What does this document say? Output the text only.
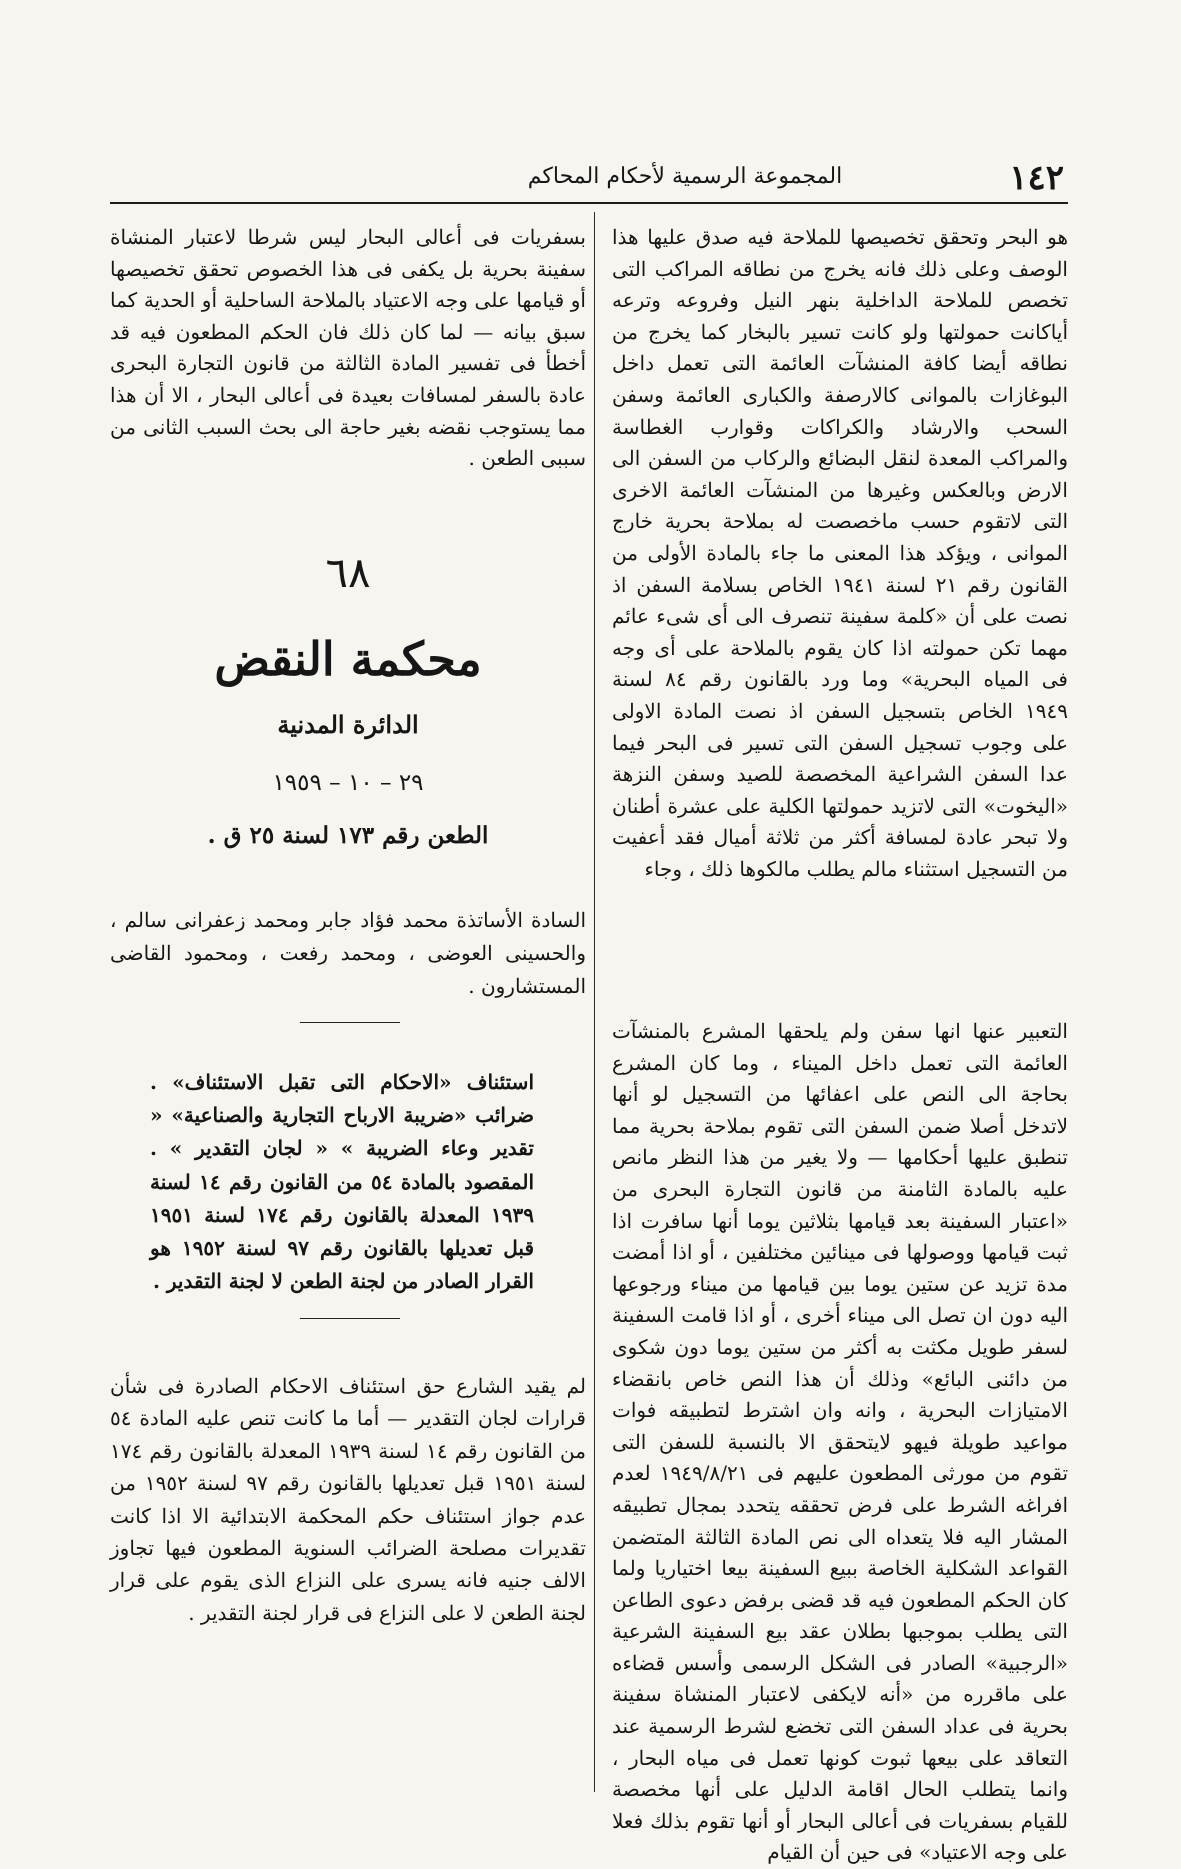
١٤٢
المجموعة الرسمية لأحكام المحاكم
هو البحر وتحقق تخصيصها للملاحة فيه صدق عليها هذا الوصف وعلى ذلك فانه يخرج من نطاقه المراكب التى تخصص للملاحة الداخلية بنهر النيل وفروعه وترعه أياكانت حمولتها ولو كانت تسير بالبخار كما يخرج من نطاقه أيضا كافة المنشآت العائمة التى تعمل داخل البوغازات بالموانى كالارصفة والكبارى العائمة وسفن السحب والارشاد والكراكات وقوارب الغطاسة والمراكب المعدة لنقل البضائع والركاب من السفن الى الارض وبالعكس وغيرها من المنشآت العائمة الاخرى التى لاتقوم حسب ماخصصت له بملاحة بحرية خارج الموانى ، ويؤكد هذا المعنى ما جاء بالمادة الأولى من القانون رقم ٢١ لسنة ١٩٤١ الخاص بسلامة السفن اذ نصت على أن «كلمة سفينة تنصرف الى أى شىء عائم مهما تكن حمولته اذا كان يقوم بالملاحة على أى وجه فى المياه البحرية» وما ورد بالقانون رقم ٨٤ لسنة ١٩٤٩ الخاص بتسجيل السفن اذ نصت المادة الاولى على وجوب تسجيل السفن التى تسير فى البحر فيما عدا السفن الشراعية المخصصة للصيد وسفن النزهة «اليخوت» التى لاتزيد حمولتها الكلية على عشرة أطنان ولا تبحر عادة لمسافة أكثر من ثلاثة أميال فقد أعفيت من التسجيل استثناء مالم يطلب مالكوها ذلك ، وجاء
التعبير عنها انها سفن ولم يلحقها المشرع بالمنشآت العائمة التى تعمل داخل الميناء ، وما كان المشرع بحاجة الى النص على اعفائها من التسجيل لو أنها لاتدخل أصلا ضمن السفن التى تقوم بملاحة بحرية مما تنطبق عليها أحكامها — ولا يغير من هذا النظر مانص عليه بالمادة الثامنة من قانون التجارة البحرى من «اعتبار السفينة بعد قيامها بثلاثين يوما أنها سافرت اذا ثبت قيامها ووصولها فى مينائين مختلفين ، أو اذا أمضت مدة تزيد عن ستين يوما بين قيامها من ميناء ورجوعها اليه دون ان تصل الى ميناء أخرى ، أو اذا قامت السفينة لسفر طويل مكثت به أكثر من ستين يوما دون شكوى من دائنى البائع» وذلك أن هذا النص خاص بانقضاء الامتيازات البحرية ، وانه وان اشترط لتطبيقه فوات مواعيد طويلة فيهو لايتحقق الا بالنسبة للسفن التى تقوم من مورثى المطعون عليهم فى ١٩٤٩/٨/٢١ لعدم افراغه الشرط على فرض تحققه يتحدد بمجال تطبيقه المشار اليه فلا يتعداه الى نص المادة الثالثة المتضمن القواعد الشكلية الخاصة ببيع السفينة بيعا اختياريا ولما كان الحكم المطعون فيه قد قضى برفض دعوى الطاعن التى يطلب بموجبها بطلان عقد بيع السفينة الشرعية «الرجبية» الصادر فى الشكل الرسمى وأسس قضاءه على ماقرره من «أنه لايكفى لاعتبار المنشاة سفينة بحرية فى عداد السفن التى تخضع لشرط الرسمية عند التعاقد على بيعها ثبوت كونها تعمل فى مياه البحار ، وانما يتطلب الحال اقامة الدليل على أنها مخصصة للقيام بسفريات فى أعالى البحار أو أنها تقوم بذلك فعلا على وجه الاعتياد» فى حين أن القيام
بسفريات فى أعالى البحار ليس شرطا لاعتبار المنشاة سفينة بحرية بل يكفى فى هذا الخصوص تحقق تخصيصها أو قيامها على وجه الاعتياد بالملاحة الساحلية أو الحدية كما سبق بيانه — لما كان ذلك فان الحكم المطعون فيه قد أخطأ فى تفسير المادة الثالثة من قانون التجارة البحرى عادة بالسفر لمسافات بعيدة فى أعالى البحار ، الا أن هذا مما يستوجب نقضه بغير حاجة الى بحث السبب الثانى من سببى الطعن .
٦٨
محكمة النقض
الدائرة المدنية
٢٩ – ١٠ – ١٩٥٩
الطعن رقم ١٧٣ لسنة ٢٥ ق .
السادة الأساتذة محمد فؤاد جابر ومحمد زعفرانى سالم ، والحسينى العوضى ، ومحمد رفعت ، ومحمود القاضى المستشارون .
استئناف «الاحكام التى تقبل الاستئناف» . ضرائب «ضريبة الارباح التجارية والصناعية» « تقدير وعاء الضريبة » « لجان التقدير » . المقصود بالمادة ٥٤ من القانون رقم ١٤ لسنة ١٩٣٩ المعدلة بالقانون رقم ١٧٤ لسنة ١٩٥١ قبل تعديلها بالقانون رقم ٩٧ لسنة ١٩٥٢ هو القرار الصادر من لجنة الطعن لا لجنة التقدير .
لم يقيد الشارع حق استئناف الاحكام الصادرة فى شأن قرارات لجان التقدير — أما ما كانت تنص عليه المادة ٥٤ من القانون رقم ١٤ لسنة ١٩٣٩ المعدلة بالقانون رقم ١٧٤ لسنة ١٩٥١ قبل تعديلها بالقانون رقم ٩٧ لسنة ١٩٥٢ من عدم جواز استئناف حكم المحكمة الابتدائية الا اذا كانت تقديرات مصلحة الضرائب السنوية المطعون فيها تجاوز الالف جنيه فانه يسرى على النزاع الذى يقوم على قرار لجنة الطعن لا على النزاع فى قرار لجنة التقدير .
